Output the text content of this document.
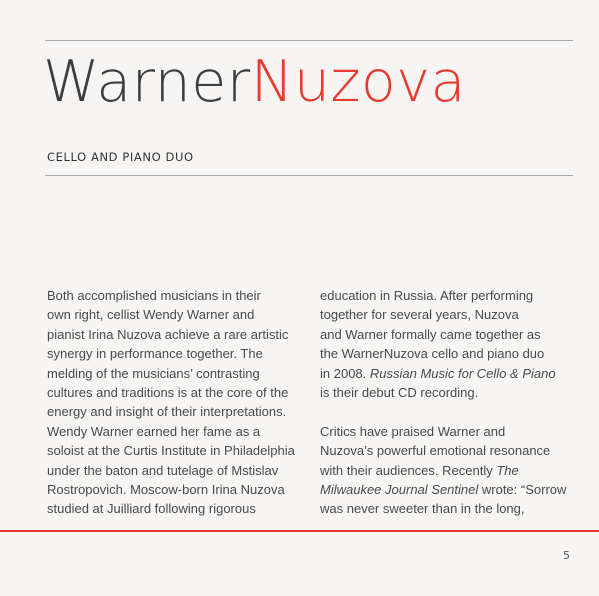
WarnerNuzova
CELLO AND PIANO DUO
Both accomplished musicians in their
own right, cellist Wendy Warner and
pianist Irina Nuzova achieve a rare artistic
synergy in performance together. The
melding of the musicians’ contrasting
cultures and traditions is at the core of the
energy and insight of their interpretations.
Wendy Warner earned her fame as a
soloist at the Curtis Institute in Philadelphia
under the baton and tutelage of Mstislav
Rostropovich. Moscow-born Irina Nuzova
studied at Juilliard following rigorous
education in Russia. After performing
together for several years, Nuzova
and Warner formally came together as
the WarnerNuzova cello and piano duo
in 2008. Russian Music for Cello & Piano
is their debut CD recording.
Critics have praised Warner and
Nuzova’s powerful emotional resonance
with their audiences. Recently The
Milwaukee Journal Sentinel wrote: “Sorrow
was never sweeter than in the long,
5
